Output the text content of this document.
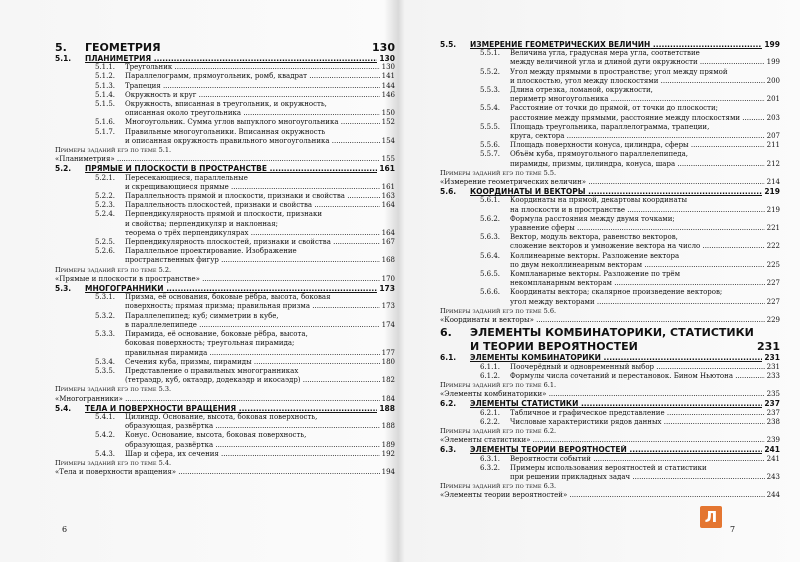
5.	ГЕОМЕТРИЯ	130
5.1.	ПЛАНИМЕТРИЯ .....	130
5.1.1.	Треугольник .....	130
5.1.2.	Параллелограмм, прямоугольник, ромб, квадрат .....	141
5.1.3.	Трапеция .....	144
5.1.4.	Окружность и круг .....	146
5.1.5.	Окружность, вписанная в треугольник, и окружность,
описанная около треугольника .....	150
5.1.6.	Многоугольник. Сумма углов выпуклого многоугольника .....	152
5.1.7.	Правильные многоугольники. Вписанная окружность
и описанная окружность правильного многоугольника .....	154
Примеры заданий егэ по теме 5.1.
«Планиметрия» .....	155
5.2.	ПРЯМЫЕ И ПЛОСКОСТИ В ПРОСТРАНСТВЕ .....	161
5.2.1.	Пересекающиеся, параллельные
и скрещивающиеся прямые .....	161
5.2.2.	Параллельность прямой и плоскости, признаки и свойства .....	163
5.2.3.	Параллельность плоскостей, признаки и свойства .....	164
5.2.4.	Перпендикулярность прямой и плоскости, признаки
и свойства; перпендикуляр и наклонная;
теорема о трёх перпендикулярах .....	164
5.2.5.	Перпендикулярность плоскостей, признаки и свойства .....	167
5.2.6.	Параллельное проектирование. Изображение
пространственных фигур .....	168
Примеры заданий егэ по теме 5.2.
«Прямые и плоскости в пространстве» .....	170
5.3.	МНОГОГРАННИКИ .....	173
5.3.1.	Призма, её основания, боковые рёбра, высота, боковая
поверхность; прямая призма; правильная призма .....	173
5.3.2.	Параллелепипед; куб; симметрии в кубе,
в параллелепипеде .....	174
5.3.3.	Пирамида, её основание, боковые рёбра, высота,
боковая поверхность; треугольная пирамида;
правильная пирамида .....	177
5.3.4.	Сечения куба, призмы, пирамиды .....	180
5.3.5.	Представление о правильных многогранниках
(тетраэдр, куб, октаэдр, додекаэдр и икосаэдр) .....	182
Примеры заданий егэ по теме 5.3.
«Многогранники» .....	184
5.4.	ТЕЛА И ПОВЕРХНОСТИ ВРАЩЕНИЯ .....	188
5.4.1.	Цилиндр. Основание, высота, боковая поверхность,
образующая, развёртка .....	188
5.4.2.	Конус. Основание, высота, боковая поверхность,
образующая, развёртка .....	189
5.4.3.	Шар и сфера, их сечения .....	192
Примеры заданий егэ по теме 5.4.
«Тела и поверхности вращения» .....	194
5.5.	ИЗМЕРЕНИЕ ГЕОМЕТРИЧЕСКИХ ВЕЛИЧИН .....	199
5.5.1.	Величина угла, градусная мера угла, соответствие
между величиной угла и длиной дуги окружности .....	199
5.5.2.	Угол между прямыми в пространстве; угол между прямой
и плоскостью, угол между плоскостями .....	200
5.5.3.	Длина отрезка, ломаной, окружности,
периметр многоугольника .....	201
5.5.4.	Расстояние от точки до прямой, от точки до плоскости;
расстояние между прямыми, расстояние между плоскостями .....	203
5.5.5.	Площадь треугольника, параллелограмма, трапеции,
круга, сектора .....	207
5.5.6.	Площадь поверхности конуса, цилиндра, сферы .....	211
5.5.7.	Объём куба, прямоугольного параллелепипеда,
пирамиды, призмы, цилиндра, конуса, шара .....	212
Примеры заданий егэ по теме 5.5.
«Измерение геометрических величин» .....	214
5.6.	КООРДИНАТЫ И ВЕКТОРЫ .....	219
5.6.1.	Координаты на прямой, декартовы координаты
на плоскости и в пространстве .....	219
5.6.2.	Формула расстояния между двумя точками;
уравнение сферы .....	221
5.6.3.	Вектор, модуль вектора, равенство векторов,
сложение векторов и умножение вектора на число .....	222
5.6.4.	Коллинеарные векторы. Разложение вектора
по двум неколлинеарным векторам .....	225
5.6.5.	Компланарные векторы. Разложение по трём
некомпланарным векторам .....	227
5.6.6.	Координаты вектора; скалярное произведение векторов;
угол между векторами .....	227
Примеры заданий егэ по теме 5.6.
«Координаты и векторы» .....	229
6.	ЭЛЕМЕНТЫ КОМБИНАТОРИКИ, СТАТИСТИКИ
И ТЕОРИИ ВЕРОЯТНОСТЕЙ	231
6.1.	ЭЛЕМЕНТЫ КОМБИНАТОРИКИ .....	231
6.1.1.	Поочерёдный и одновременный выбор .....	231
6.1.2.	Формулы числа сочетаний и перестановок. Бином Ньютона .....	233
Примеры заданий егэ по теме 6.1.
«Элементы комбинаторики» .....	235
6.2.	ЭЛЕМЕНТЫ СТАТИСТИКИ .....	237
6.2.1.	Табличное и графическое представление .....	237
6.2.2.	Числовые характеристики рядов данных .....	238
Примеры заданий егэ по теме 6.2.
«Элементы статистики» .....	239
6.3.	ЭЛЕМЕНТЫ ТЕОРИИ ВЕРОЯТНОСТЕЙ .....	241
6.3.1.	Вероятности событий .....	241
6.3.2.	Примеры использования вероятностей и статистики
при решении прикладных задач .....	243
Примеры заданий егэ по теме 6.3.
«Элементы теории вероятностей» .....	244
6	7
Л
